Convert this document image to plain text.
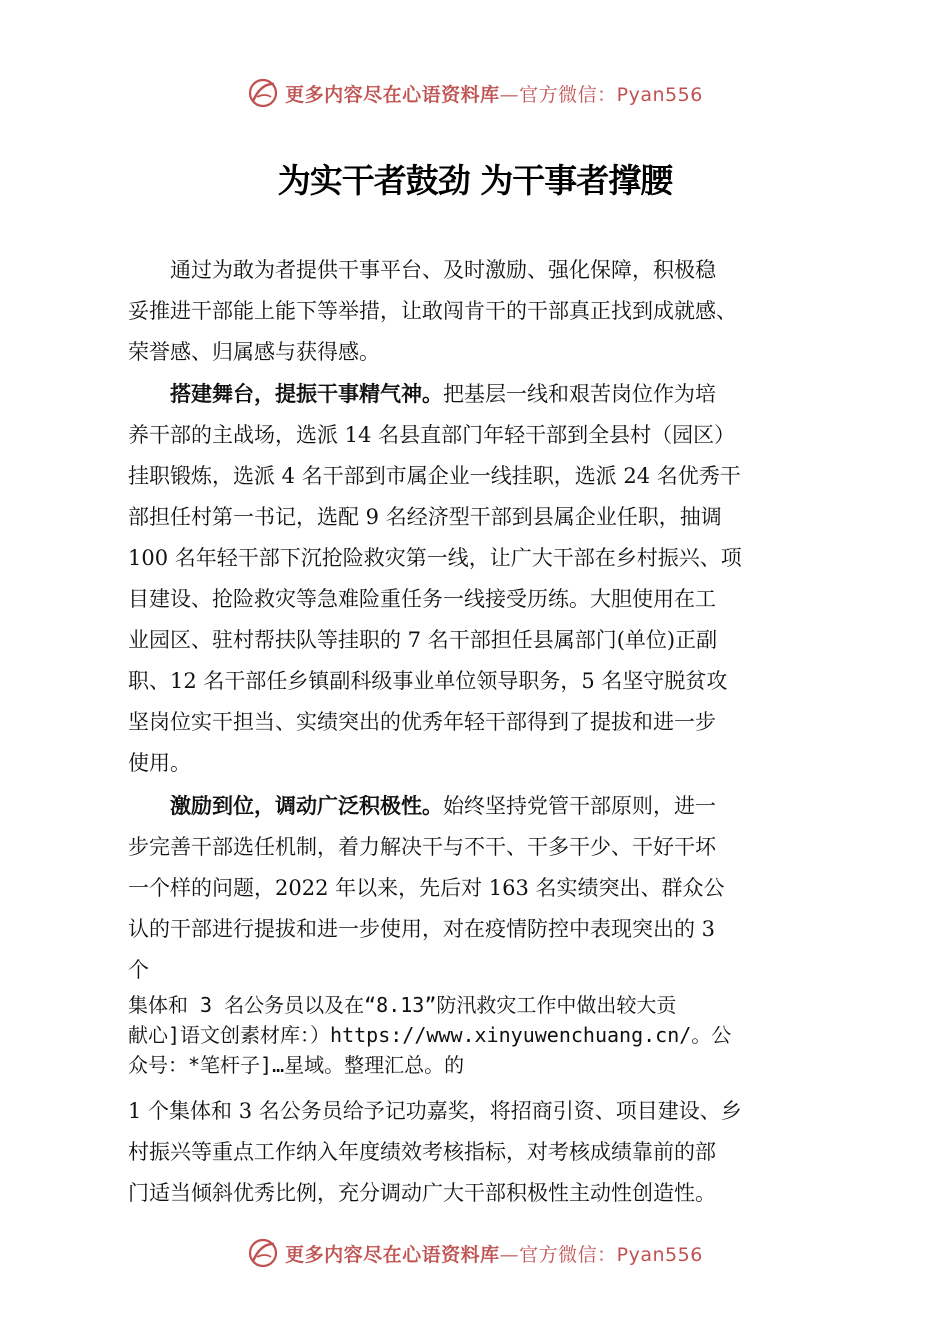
更多内容尽在心语资料库—官方微信：Pyan556
为实干者鼓劲 为干事者撑腰
　　通过为敢为者提供干事平台、及时激励、强化保障，积极稳
妥推进干部能上能下等举措，让敢闯肯干的干部真正找到成就感、
荣誉感、归属感与获得感。
　　搭建舞台，提振干事精气神。把基层一线和艰苦岗位作为培
养干部的主战场，选派 14 名县直部门年轻干部到全县村（园区）
挂职锻炼，选派 4 名干部到市属企业一线挂职，选派 24 名优秀干
部担任村第一书记，选配 9 名经济型干部到县属企业任职，抽调
100 名年轻干部下沉抢险救灾第一线，让广大干部在乡村振兴、项
目建设、抢险救灾等急难险重任务一线接受历练。大胆使用在工
业园区、驻村帮扶队等挂职的 7 名干部担任县属部门(单位)正副
职、12 名干部任乡镇副科级事业单位领导职务，5 名坚守脱贫攻
坚岗位实干担当、实绩突出的优秀年轻干部得到了提拔和进一步
使用。
　　激励到位，调动广泛积极性。始终坚持党管干部原则，进一
步完善干部选任机制，着力解决干与不干、干多干少、干好干坏
一个样的问题，2022 年以来，先后对 163 名实绩突出、群众公
认的干部进行提拔和进一步使用，对在疫情防控中表现突出的 3
个
集体和 3 名公务员以及在“8.13”防汛救灾工作中做出较大贡
献心]语文创素材库：）https://www.xinyuwenchuang.cn/。公
众号：*笔杆子]…星域。整理汇总。的
1 个集体和 3 名公务员给予记功嘉奖，将招商引资、项目建设、乡
村振兴等重点工作纳入年度绩效考核指标，对考核成绩靠前的部
门适当倾斜优秀比例，充分调动广大干部积极性主动性创造性。
更多内容尽在心语资料库—官方微信：Pyan556
